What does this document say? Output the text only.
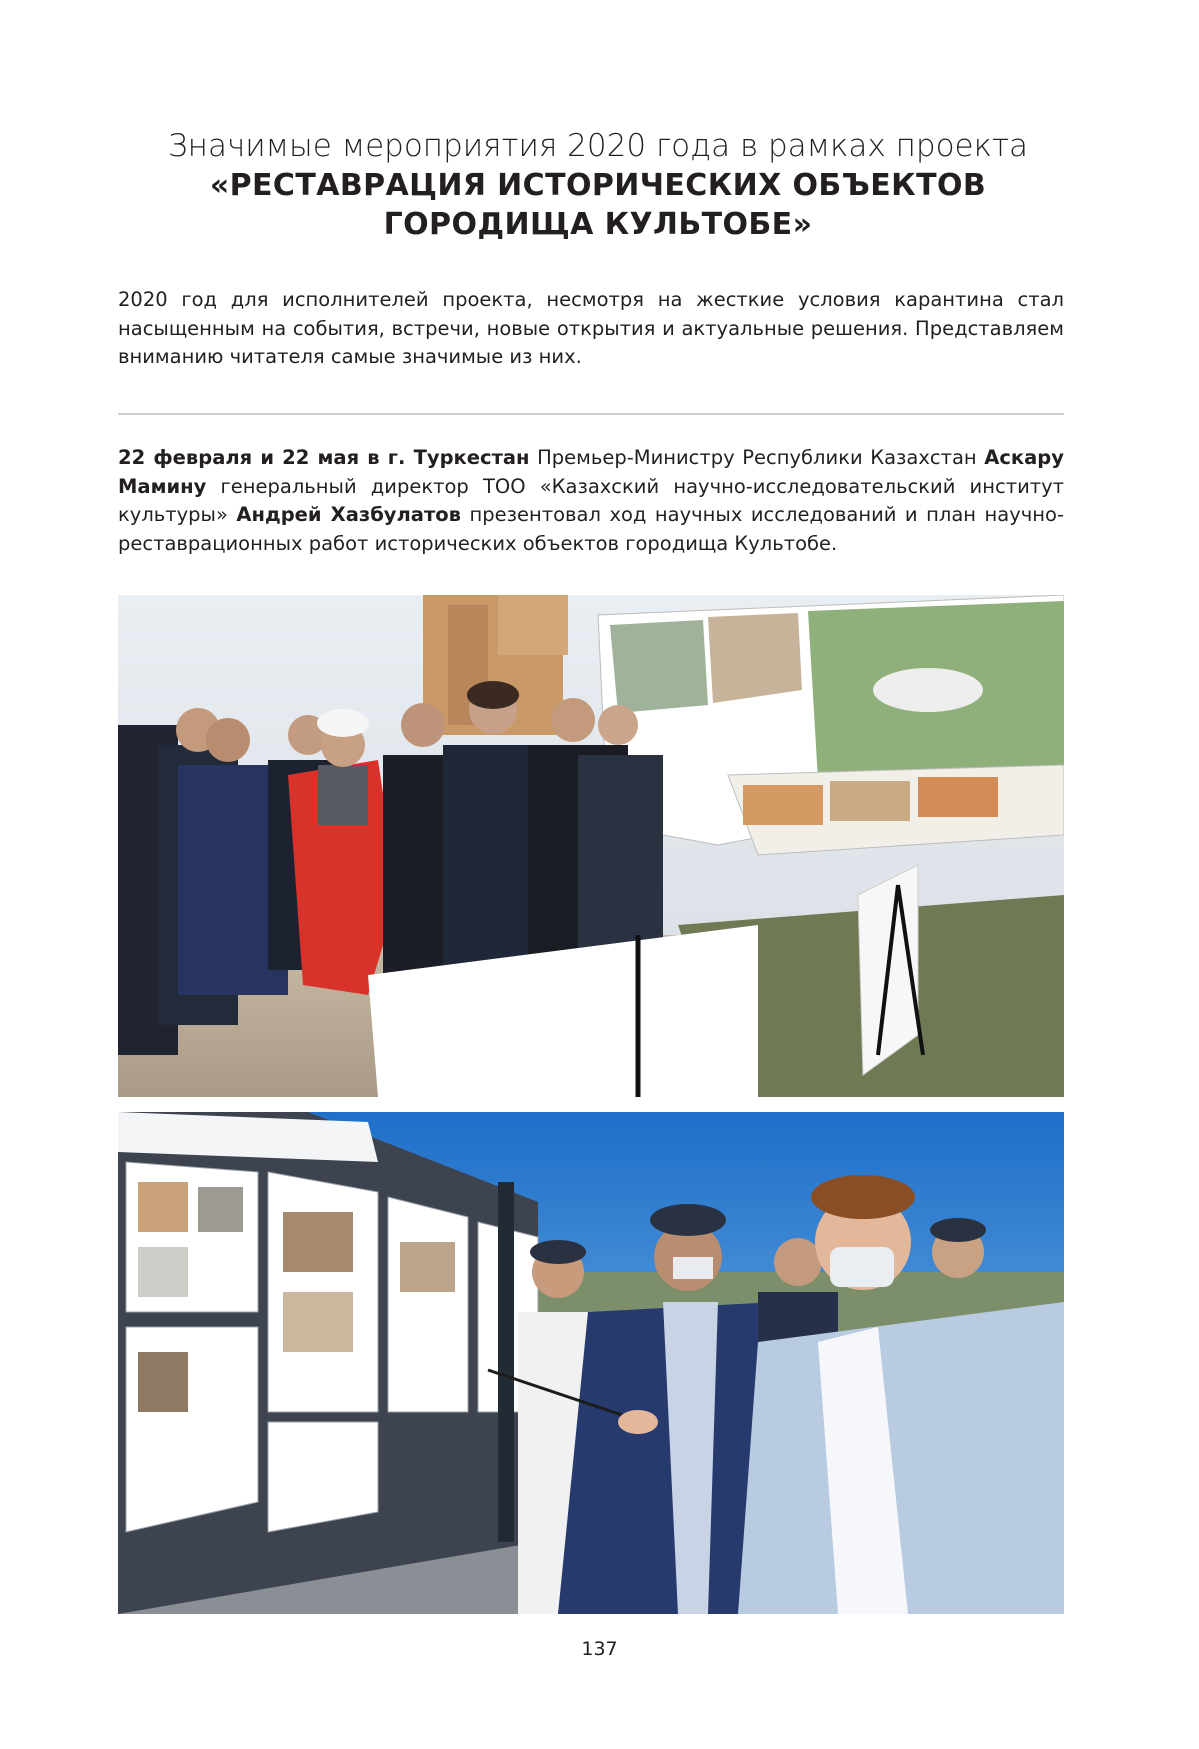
Значимые мероприятия 2020 года в рамках проекта
«РЕСТАВРАЦИЯ ИСТОРИЧЕСКИХ ОБЪЕКТОВ
ГОРОДИЩА КУЛЬТОБЕ»

2020 год для исполнителей проекта, несмотря на жесткие условия карантина стал насыщенным на события, встречи, новые открытия и актуальные решения. Представляем вниманию читателя самые значимые из них.

22 февраля и 22 мая в г. Туркестан Премьер-Министру Республики Казахстан Аскару Мамину генеральный директор ТОО «Казахский научно-исследовательский институт культуры» Андрей Хазбулатов презентовал ход научных исследований и план научно-реставрационных работ исторических объектов городища Культобе.

137
